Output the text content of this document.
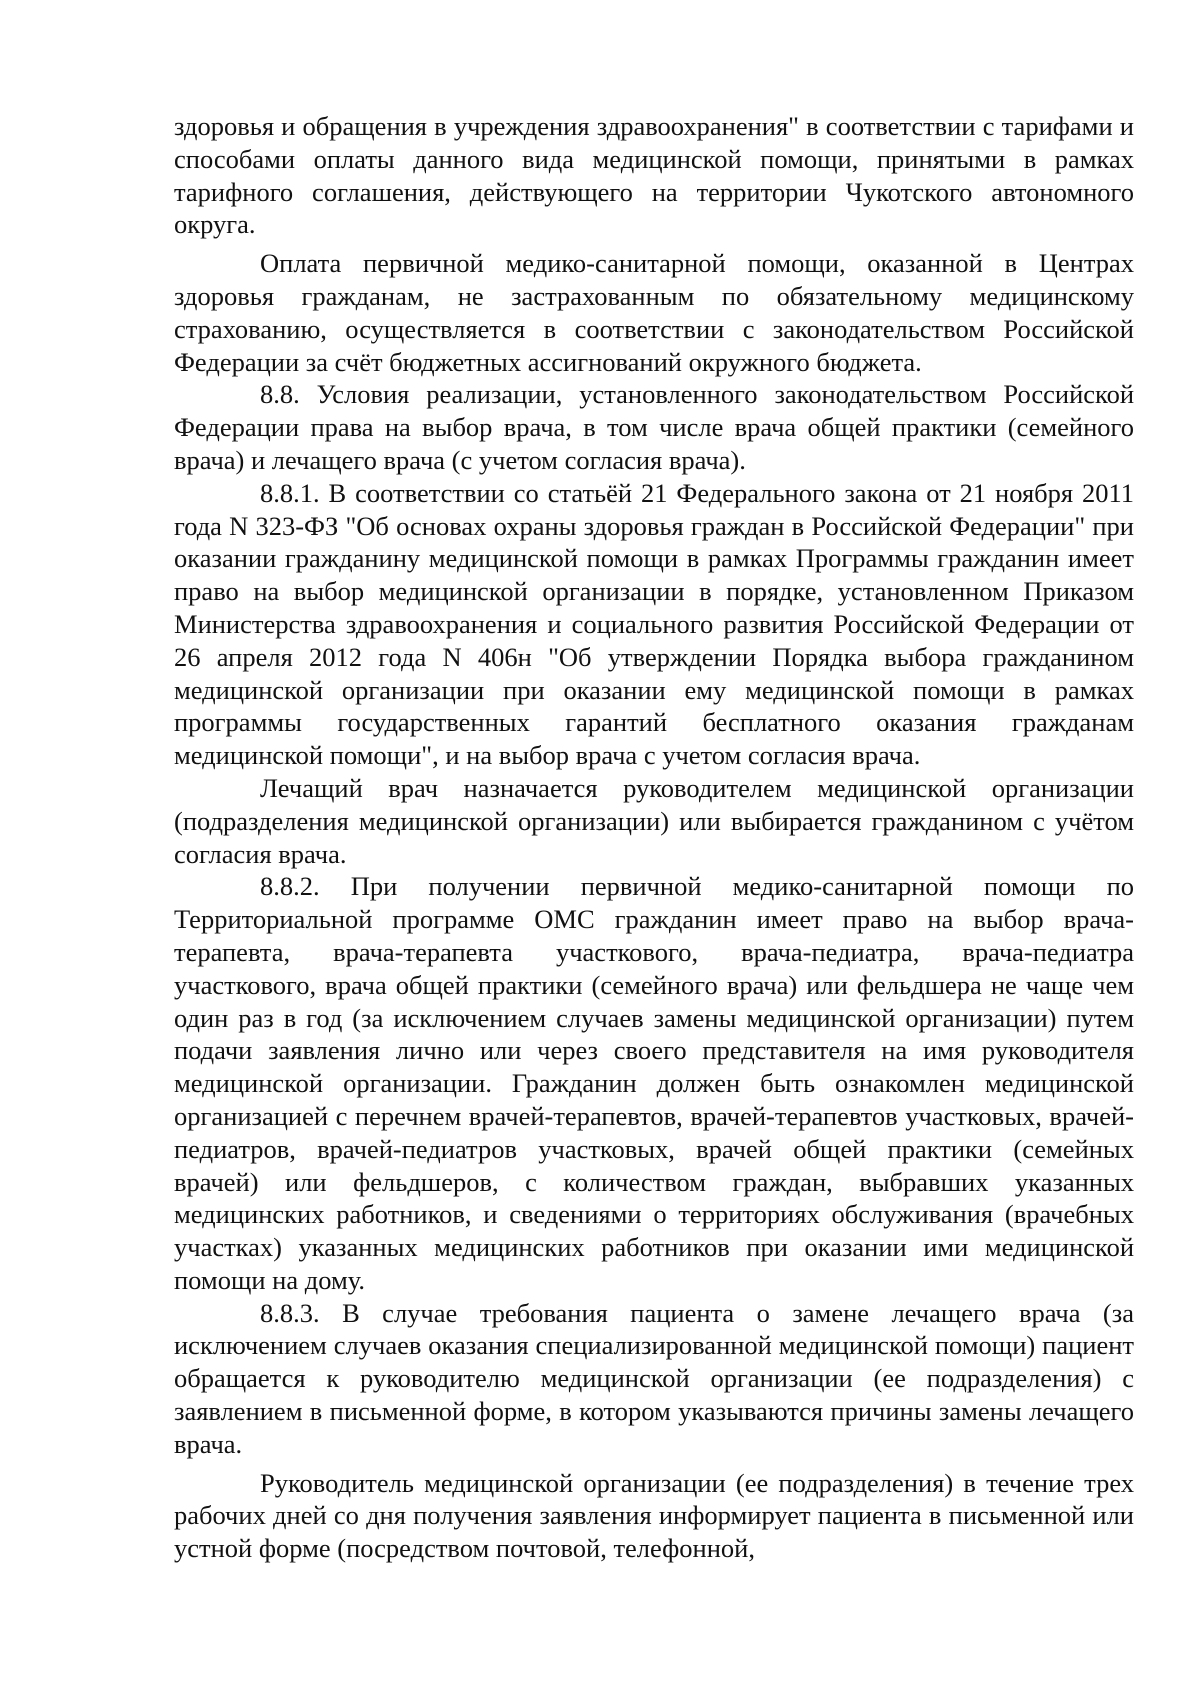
здоровья и обращения в учреждения здравоохранения" в соответствии с тарифами и способами оплаты данного вида медицинской помощи, принятыми в рамках тарифного соглашения, действующего на территории Чукотского автономного округа.

Оплата первичной медико-санитарной помощи, оказанной в Центрах здоровья гражданам, не застрахованным по обязательному медицинскому страхованию, осуществляется в соответствии с законодательством Российской Федерации за счёт бюджетных ассигнований окружного бюджета.

8.8. Условия реализации, установленного законодательством Российской Федерации права на выбор врача, в том числе врача общей практики (семейного врача) и лечащего врача (с учетом согласия врача).

8.8.1. В соответствии со статьёй 21 Федерального закона от 21 ноября 2011 года N 323-ФЗ "Об основах охраны здоровья граждан в Российской Федерации" при оказании гражданину медицинской помощи в рамках Программы гражданин имеет право на выбор медицинской организации в порядке, установленном Приказом Министерства здравоохранения и социального развития Российской Федерации от 26 апреля 2012 года N 406н "Об утверждении Порядка выбора гражданином медицинской организации при оказании ему медицинской помощи в рамках программы государственных гарантий бесплатного оказания гражданам медицинской помощи", и на выбор врача с учетом согласия врача.

Лечащий врач назначается руководителем медицинской организации (подразделения медицинской организации) или выбирается гражданином с учётом согласия врача.

8.8.2. При получении первичной медико-санитарной помощи по Территориальной программе ОМС гражданин имеет право на выбор врача-терапевта, врача-терапевта участкового, врача-педиатра, врача-педиатра участкового, врача общей практики (семейного врача) или фельдшера не чаще чем один раз в год (за исключением случаев замены медицинской организации) путем подачи заявления лично или через своего представителя на имя руководителя медицинской организации. Гражданин должен быть ознакомлен медицинской организацией с перечнем врачей-терапевтов, врачей-терапевтов участковых, врачей-педиатров, врачей-педиатров участковых, врачей общей практики (семейных врачей) или фельдшеров, с количеством граждан, выбравших указанных медицинских работников, и сведениями о территориях обслуживания (врачебных участках) указанных медицинских работников при оказании ими медицинской помощи на дому.

8.8.3. В случае требования пациента о замене лечащего врача (за исключением случаев оказания специализированной медицинской помощи) пациент обращается к руководителю медицинской организации (ее подразделения) с заявлением в письменной форме, в котором указываются причины замены лечащего врача.

Руководитель медицинской организации (ее подразделения) в течение трех рабочих дней со дня получения заявления информирует пациента в письменной или устной форме (посредством почтовой, телефонной,
